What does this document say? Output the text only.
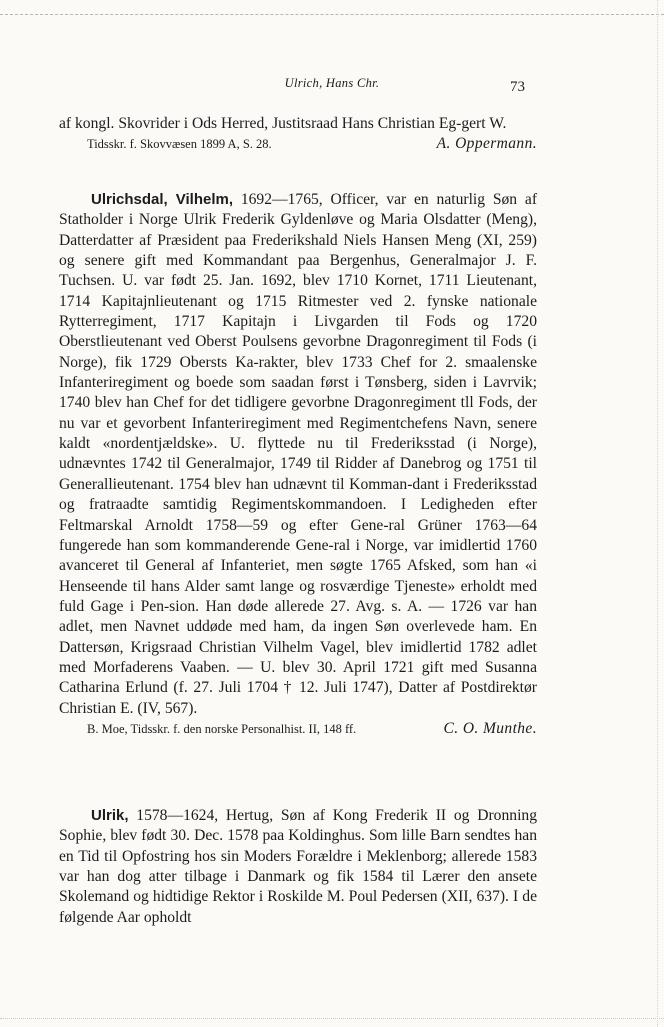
Ulrich, Hans Chr.	73

af kongl. Skovrider i Ods Herred, Justitsraad Hans Christian Eg-gert W.

Tidsskr. f. Skovvæsen 1899 A, S. 28.	A. Oppermann.

Ulrichsdal, Vilhelm, 1692—1765, Officer, var en naturlig Søn af Statholder i Norge Ulrik Frederik Gyldenløve og Maria Olsdatter (Meng), Datterdatter af Præsident paa Frederikshald Niels Hansen Meng (XI, 259) og senere gift med Kommandant paa Bergenhus, Generalmajor J. F. Tuchsen. U. var født 25. Jan. 1692, blev 1710 Kornet, 1711 Lieutenant, 1714 Kapitajnlieutenant og 1715 Ritmester ved 2. fynske nationale Rytterregiment, 1717 Kapitajn i Livgarden til Fods og 1720 Oberstlieutenant ved Oberst Poulsens gevorbne Dragonregiment til Fods (i Norge), fik 1729 Obersts Ka-rakter, blev 1733 Chef for 2. smaalenske Infanteriregiment og boede som saadan først i Tønsberg, siden i Lavrvik; 1740 blev han Chef for det tidligere gevorbne Dragonregiment tll Fods, der nu var et gevorbent Infanteriregiment med Regimentchefens Navn, senere kaldt «nordentjældske». U. flyttede nu til Frederiksstad (i Norge), udnævntes 1742 til Generalmajor, 1749 til Ridder af Danebrog og 1751 til Generallieutenant. 1754 blev han udnævnt til Komman-dant i Frederiksstad og fratraadte samtidig Regimentskommandoen. I Ledigheden efter Feltmarskal Arnoldt 1758—59 og efter Gene-ral Grüner 1763—64 fungerede han som kommanderende Gene-ral i Norge, var imidlertid 1760 avanceret til General af Infanteriet, men søgte 1765 Afsked, som han «i Henseende til hans Alder samt lange og rosværdige Tjeneste» erholdt med fuld Gage i Pen-sion. Han døde allerede 27. Avg. s. A. — 1726 var han adlet, men Navnet uddøde med ham, da ingen Søn overlevede ham. En Dattersøn, Krigsraad Christian Vilhelm Vagel, blev imidlertid 1782 adlet med Morfaderens Vaaben. — U. blev 30. April 1721 gift med Susanna Catharina Erlund (f. 27. Juli 1704 † 12. Juli 1747), Datter af Postdirektør Christian E. (IV, 567).

B. Moe, Tidsskr. f. den norske Personalhist. II, 148 ff.	C. O. Munthe.

Ulrik, 1578—1624, Hertug, Søn af Kong Frederik II og Dronning Sophie, blev født 30. Dec. 1578 paa Koldinghus. Som lille Barn sendtes han en Tid til Opfostring hos sin Moders Forældre i Meklenborg; allerede 1583 var han dog atter tilbage i Danmark og fik 1584 til Lærer den ansete Skolemand og hidtidige Rektor i Roskilde M. Poul Pedersen (XII, 637). I de følgende Aar opholdt
